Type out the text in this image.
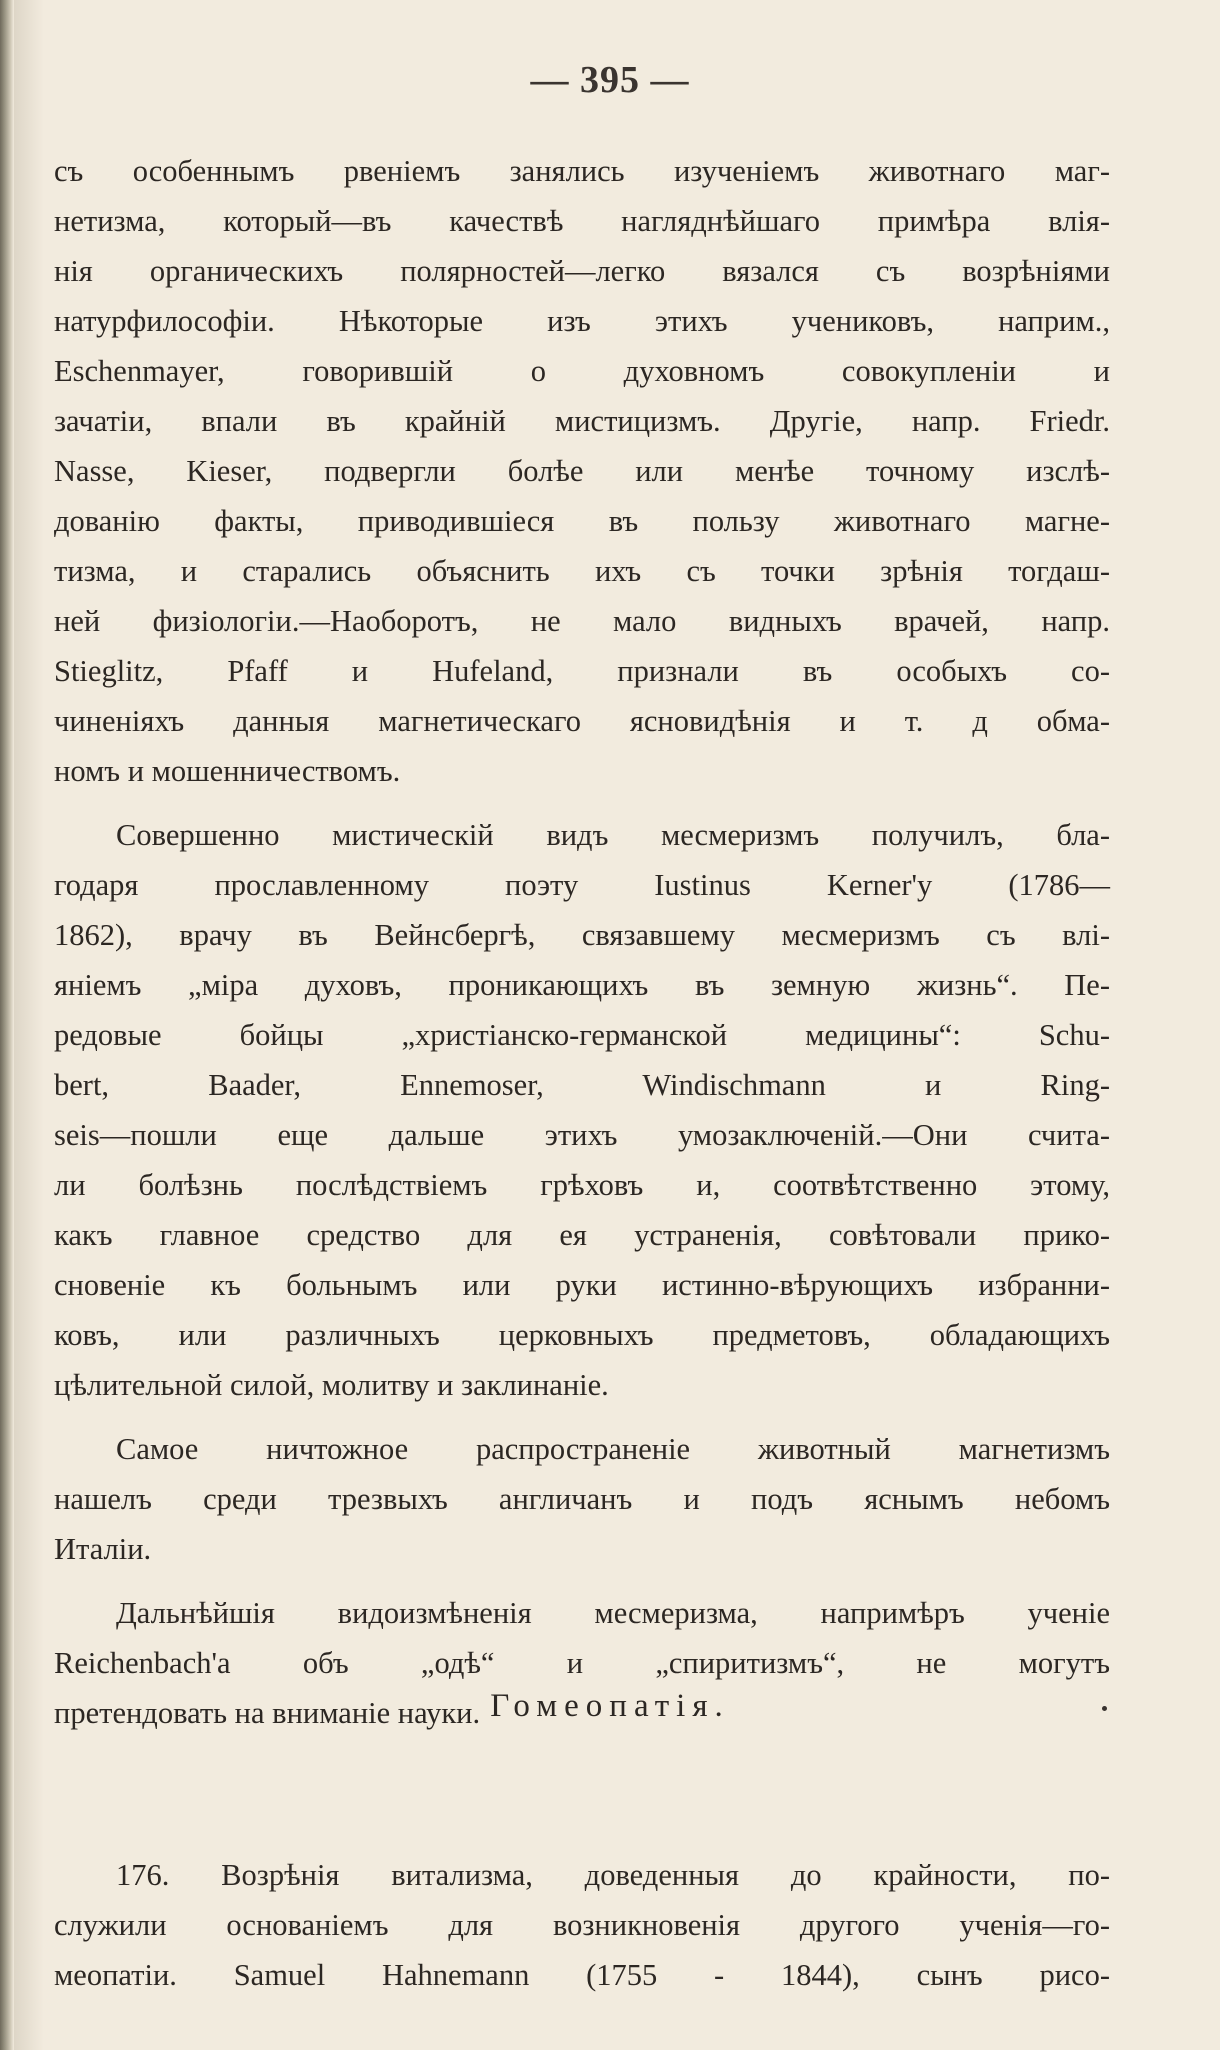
— 395 —

съ особеннымъ рвеніемъ занялись изученіемъ животнаго маг-
нетизма, который—въ качествѣ нагляднѣйшаго примѣра влія-
нія органическихъ полярностей—легко вязался съ возрѣніями
натурфилософіи. Нѣкоторые изъ этихъ учениковъ, наприм.,
Eschenmayer, говорившій о духовномъ совокупленіи и
зачатіи, впали въ крайній мистицизмъ. Другіе, напр. Friedr.
Nasse, Kieser, подвергли болѣе или менѣе точному изслѣ-
дованію факты, приводившіеся въ пользу животнаго магне-
тизма, и старались объяснить ихъ съ точки зрѣнія тогдаш-
ней физіологіи.—Наоборотъ, не мало видныхъ врачей, напр.
Stieglitz, Pfaff и Hufeland, признали въ особыхъ со-
чиненіяхъ данныя магнетическаго ясновидѣнія и т. д обма-
номъ и мошенничествомъ.

Совершенно мистическій видъ месмеризмъ получилъ, бла-
годаря прославленному поэту Iustinus Kerner'у (1786—
1862), врачу въ Вейнсбергѣ, связавшему месмеризмъ съ влі-
яніемъ „міра духовъ, проникающихъ въ земную жизнь“. Пе-
редовые бойцы „христіанско-германской медицины“: Schu-
bert, Baader, Ennemoser, Windischmann и Ring-
seis—пошли еще дальше этихъ умозаключеній.—Они счита-
ли болѣзнь послѣдствіемъ грѣховъ и, соотвѣтственно этому,
какъ главное средство для ея устраненія, совѣтовали прико-
сновеніе къ больнымъ или руки истинно-вѣрующихъ избранни-
ковъ, или различныхъ церковныхъ предметовъ, обладающихъ
цѣлительной силой, молитву и заклинаніе.

Самое ничтожное распространеніе животный магнетизмъ
нашелъ среди трезвыхъ англичанъ и подъ яснымъ небомъ
Италіи.

Дальнѣйшія видоизмѣненія месмеризма, напримѣръ ученіе
Reichenbach'a объ „одѣ“ и „спиритизмъ“, не могутъ
претендовать на вниманіе науки. Гомеопатія.

176. Возрѣнія витализма, доведенныя до крайности, по-
служили основаніемъ для возникновенія другого ученія—го-
меопатіи. Samuel Hahnemann (1755 - 1844), сынъ рисо-
